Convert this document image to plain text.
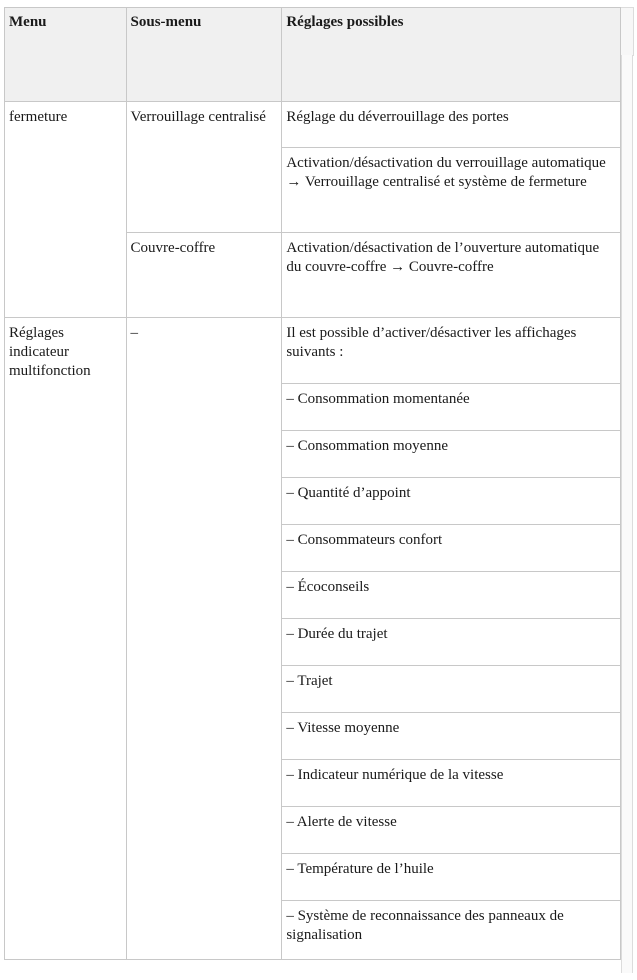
Menu	Sous-menu	Réglages possibles
fermeture	Verrouillage centralisé	Réglage du déverrouillage des portes
		Activation/désactivation du verrouillage automatique → Verrouillage centralisé et système de fermeture
	Couvre-coffre	Activation/désactivation de l’ouverture automatique du couvre-coffre → Couvre-coffre
Réglages indicateur multifonction	–	Il est possible d’activer/désactiver les affichages suivants :
		– Consommation momentanée
		– Consommation moyenne
		– Quantité d’appoint
		– Consommateurs confort
		– Écoconseils
		– Durée du trajet
		– Trajet
		– Vitesse moyenne
		– Indicateur numérique de la vitesse
		– Alerte de vitesse
		– Température de l’huile
		– Système de reconnaissance des panneaux de signalisation
